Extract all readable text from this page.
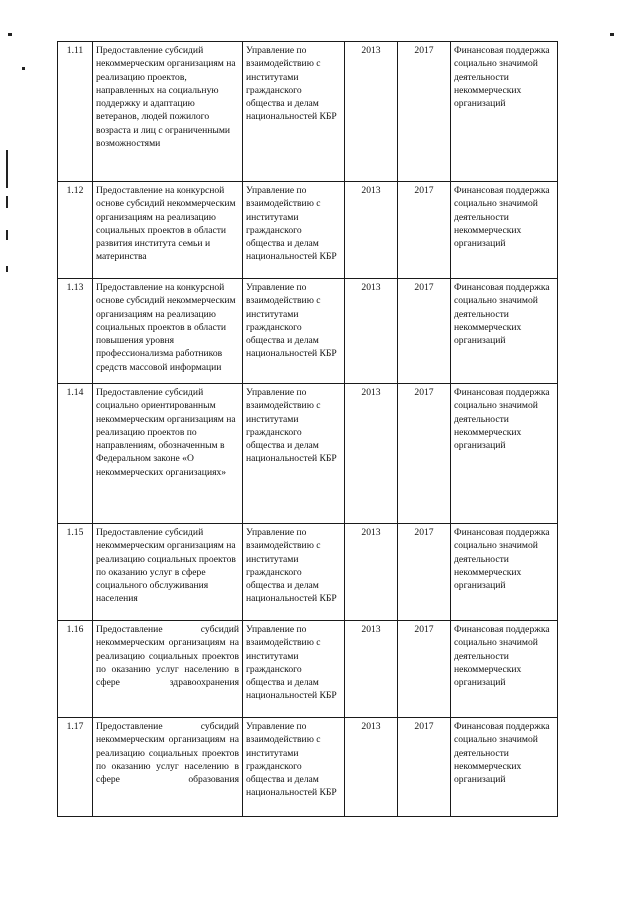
1.11	Предоставление субсидий некоммерческим организациям на реализацию проектов, направленных на социальную поддержку и адаптацию ветеранов, людей пожилого возраста и лиц с ограниченными возможностями	Управление по взаимодействию с институтами гражданского общества и делам национальностей КБР	2013	2017	Финансовая поддержка социально значимой деятельности некоммерческих организаций
1.12	Предоставление на конкурсной основе субсидий некоммерческим организациям на реализацию социальных проектов в области развития института семьи и материнства	Управление по взаимодействию с институтами гражданского общества и делам национальностей КБР	2013	2017	Финансовая поддержка социально значимой деятельности некоммерческих организаций
1.13	Предоставление на конкурсной основе субсидий некоммерческим организациям на реализацию социальных проектов в области повышения уровня профессионализма работников средств массовой информации	Управление по взаимодействию с институтами гражданского общества и делам национальностей КБР	2013	2017	Финансовая поддержка социально значимой деятельности некоммерческих организаций
1.14	Предоставление субсидий социально ориентированным некоммерческим организациям на реализацию проектов по направлениям, обозначенным в Федеральном законе «О некоммерческих организациях»	Управление по взаимодействию с институтами гражданского общества и делам национальностей КБР	2013	2017	Финансовая поддержка социально значимой деятельности некоммерческих организаций
1.15	Предоставление субсидий некоммерческим организациям на реализацию социальных проектов по оказанию услуг в сфере социального обслуживания населения	Управление по взаимодействию с институтами гражданского общества и делам национальностей КБР	2013	2017	Финансовая поддержка социально значимой деятельности некоммерческих организаций
1.16	Предоставление субсидий некоммерческим организациям на реализацию социальных проектов по оказанию услуг населению в сфере здравоохранения	Управление по взаимодействию с институтами гражданского общества и делам национальностей КБР	2013	2017	Финансовая поддержка социально значимой деятельности некоммерческих организаций
1.17	Предоставление субсидий некоммерческим организациям на реализацию социальных проектов по оказанию услуг населению в сфере образования	Управление по взаимодействию с институтами гражданского общества и делам национальностей КБР	2013	2017	Финансовая поддержка социально значимой деятельности некоммерческих организаций
